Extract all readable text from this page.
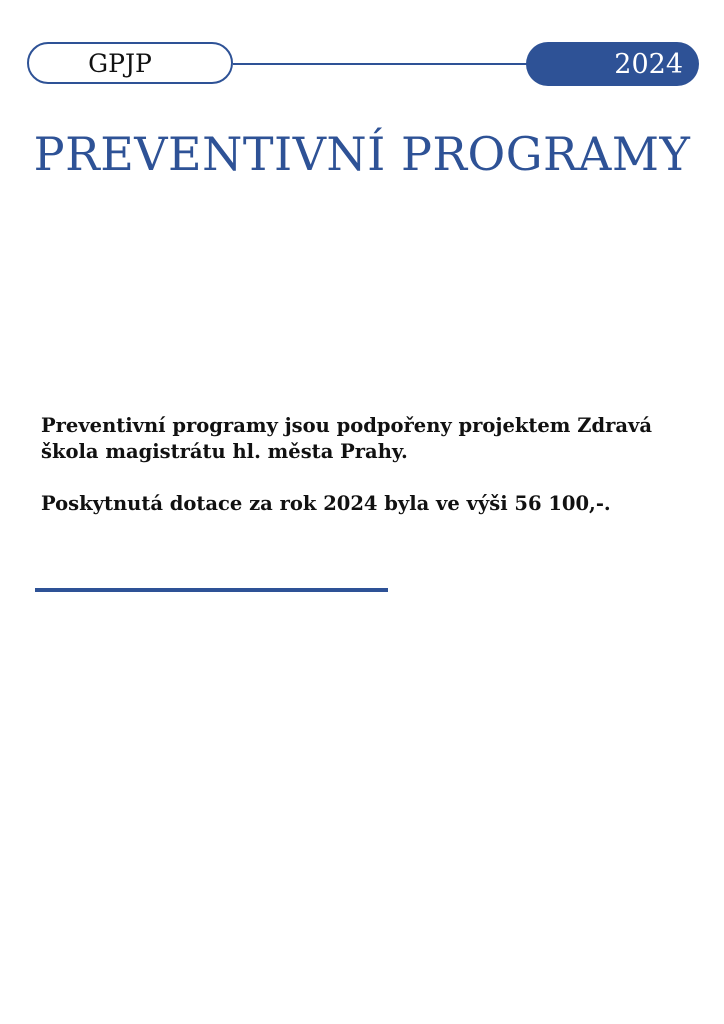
GPJP	2024
PREVENTIVNÍ PROGRAMY

Preventivní programy jsou podpořeny projektem Zdravá škola magistrátu hl. města Prahy.

Poskytnutá dotace za rok 2024 byla ve výši 56 100,-.
